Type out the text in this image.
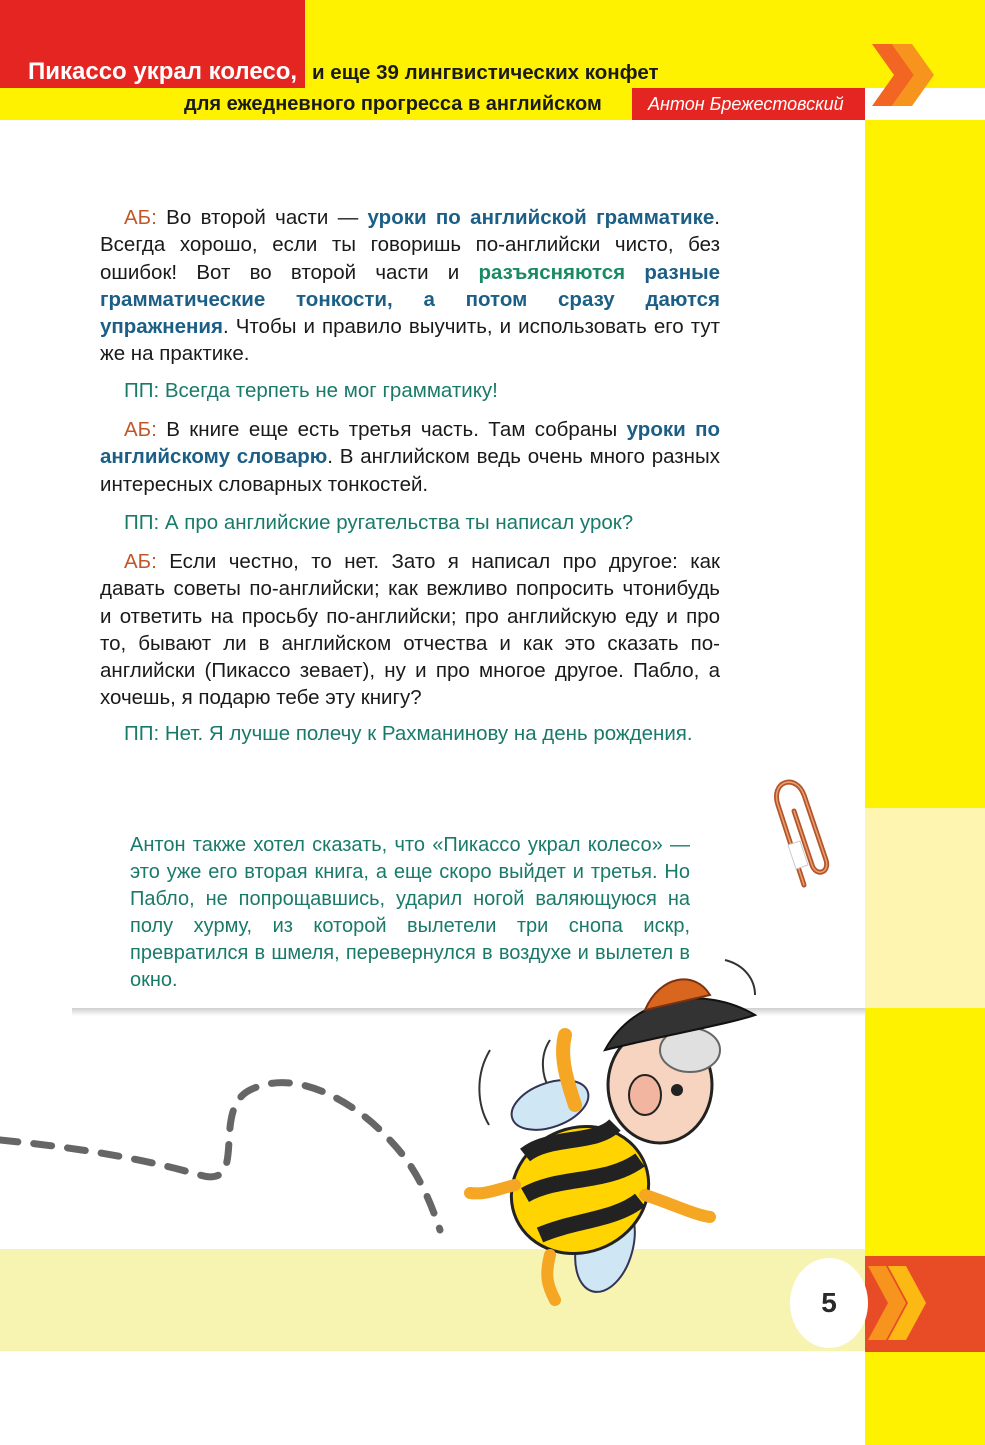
Пикассо украл колесо, и еще 39 лингвистических конфет
для ежедневного прогресса в английском	Антон Брежестовский
5
АБ: Во второй части — уроки по английской грамматике. Всегда хорошо, если ты говоришь по-английски чисто, без ошибок! Вот во второй части и разъясняются разные грамматические тонкости, а потом сразу даются упражнения. Чтобы и правило выучить, и использовать его тут же на практике.
ПП: Всегда терпеть не мог грамматику!
АБ: В книге еще есть третья часть. Там собраны уроки по английскому словарю. В английском ведь очень много разных интересных словарных тонкостей.
ПП: А про английские ругательства ты написал урок?
АБ: Если честно, то нет. Зато я написал про другое: как давать советы по-английски; как вежливо попросить чтонибудь и ответить на просьбу по-английски; про английскую еду и про то, бывают ли в английском отчества и как это сказать по-английски (Пикассо зевает), ну и про многое другое. Пабло, а хочешь, я подарю тебе эту книгу?
ПП: Нет. Я лучше полечу к Рахманинову на день рождения.
Антон также хотел сказать, что «Пикассо украл колесо» — это уже его вторая книга, а еще скоро выйдет и третья. Но Пабло, не попрощавшись, ударил ногой валяющуюся на полу хурму, из которой вылетели три снопа искр, превратился в шмеля, перевернулся в воздухе и вылетел в окно.
